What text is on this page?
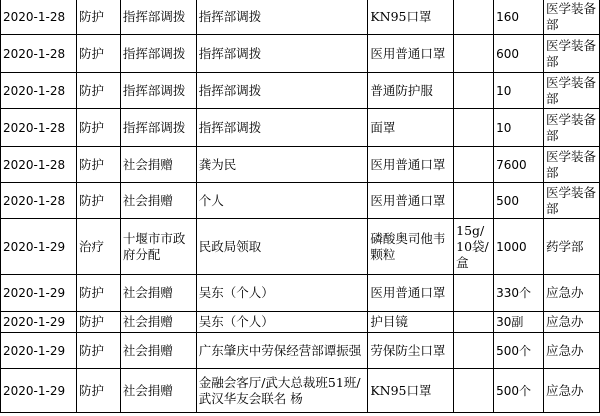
2020-1-28	防护	指挥部调拨	指挥部调拨	KN95口罩		160	医学装备部
2020-1-28	防护	指挥部调拨	指挥部调拨	医用普通口罩		600	医学装备部
2020-1-28	防护	指挥部调拨	指挥部调拨	普通防护服		10	医学装备部
2020-1-28	防护	指挥部调拨	指挥部调拨	面罩		10	医学装备部
2020-1-28	防护	社会捐赠	龚为民	医用普通口罩		7600	医学装备部
2020-1-28	防护	社会捐赠	个人	医用普通口罩		500	医学装备部
2020-1-29	治疗	十堰市市政府分配	民政局领取	磷酸奥司他韦颗粒	15g/10袋/盒	1000	药学部
2020-1-29	防护	社会捐赠	吴东（个人）	医用普通口罩		330个	应急办
2020-1-29	防护	社会捐赠	吴东（个人）	护目镜		30副	应急办
2020-1-29	防护	社会捐赠	广东肇庆中劳保经营部谭振强	劳保防尘口罩		500个	应急办
2020-1-29	防护	社会捐赠	金融会客厅/武大总裁班51班/武汉华友会联名 杨	KN95口罩		500个	应急办
